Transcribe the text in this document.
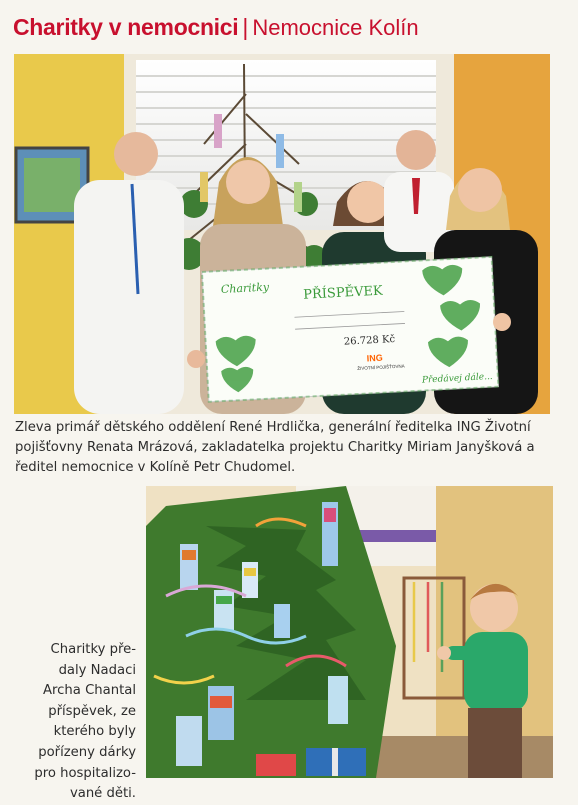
Charitky v nemocnici | Nemocnice Kolín
Charitky	PŘÍSPĚVEK
26.728 Kč
ING
ŽIVOTNÍ POJIŠŤOVNA
Předávej dále...
Zleva primář dětského oddělení René Hrdlička, generální ředitelka ING Životní pojišťovny Renata Mrázová, zakladatelka projektu Charitky Miriam Janyšková a ředitel nemocnice v Kolíně Petr Chudomel.
Charitky pře-
daly Nadaci
Archa Chantal
příspěvek, ze
kterého byly
pořízeny dárky
pro hospitalizo-
vané děti.
